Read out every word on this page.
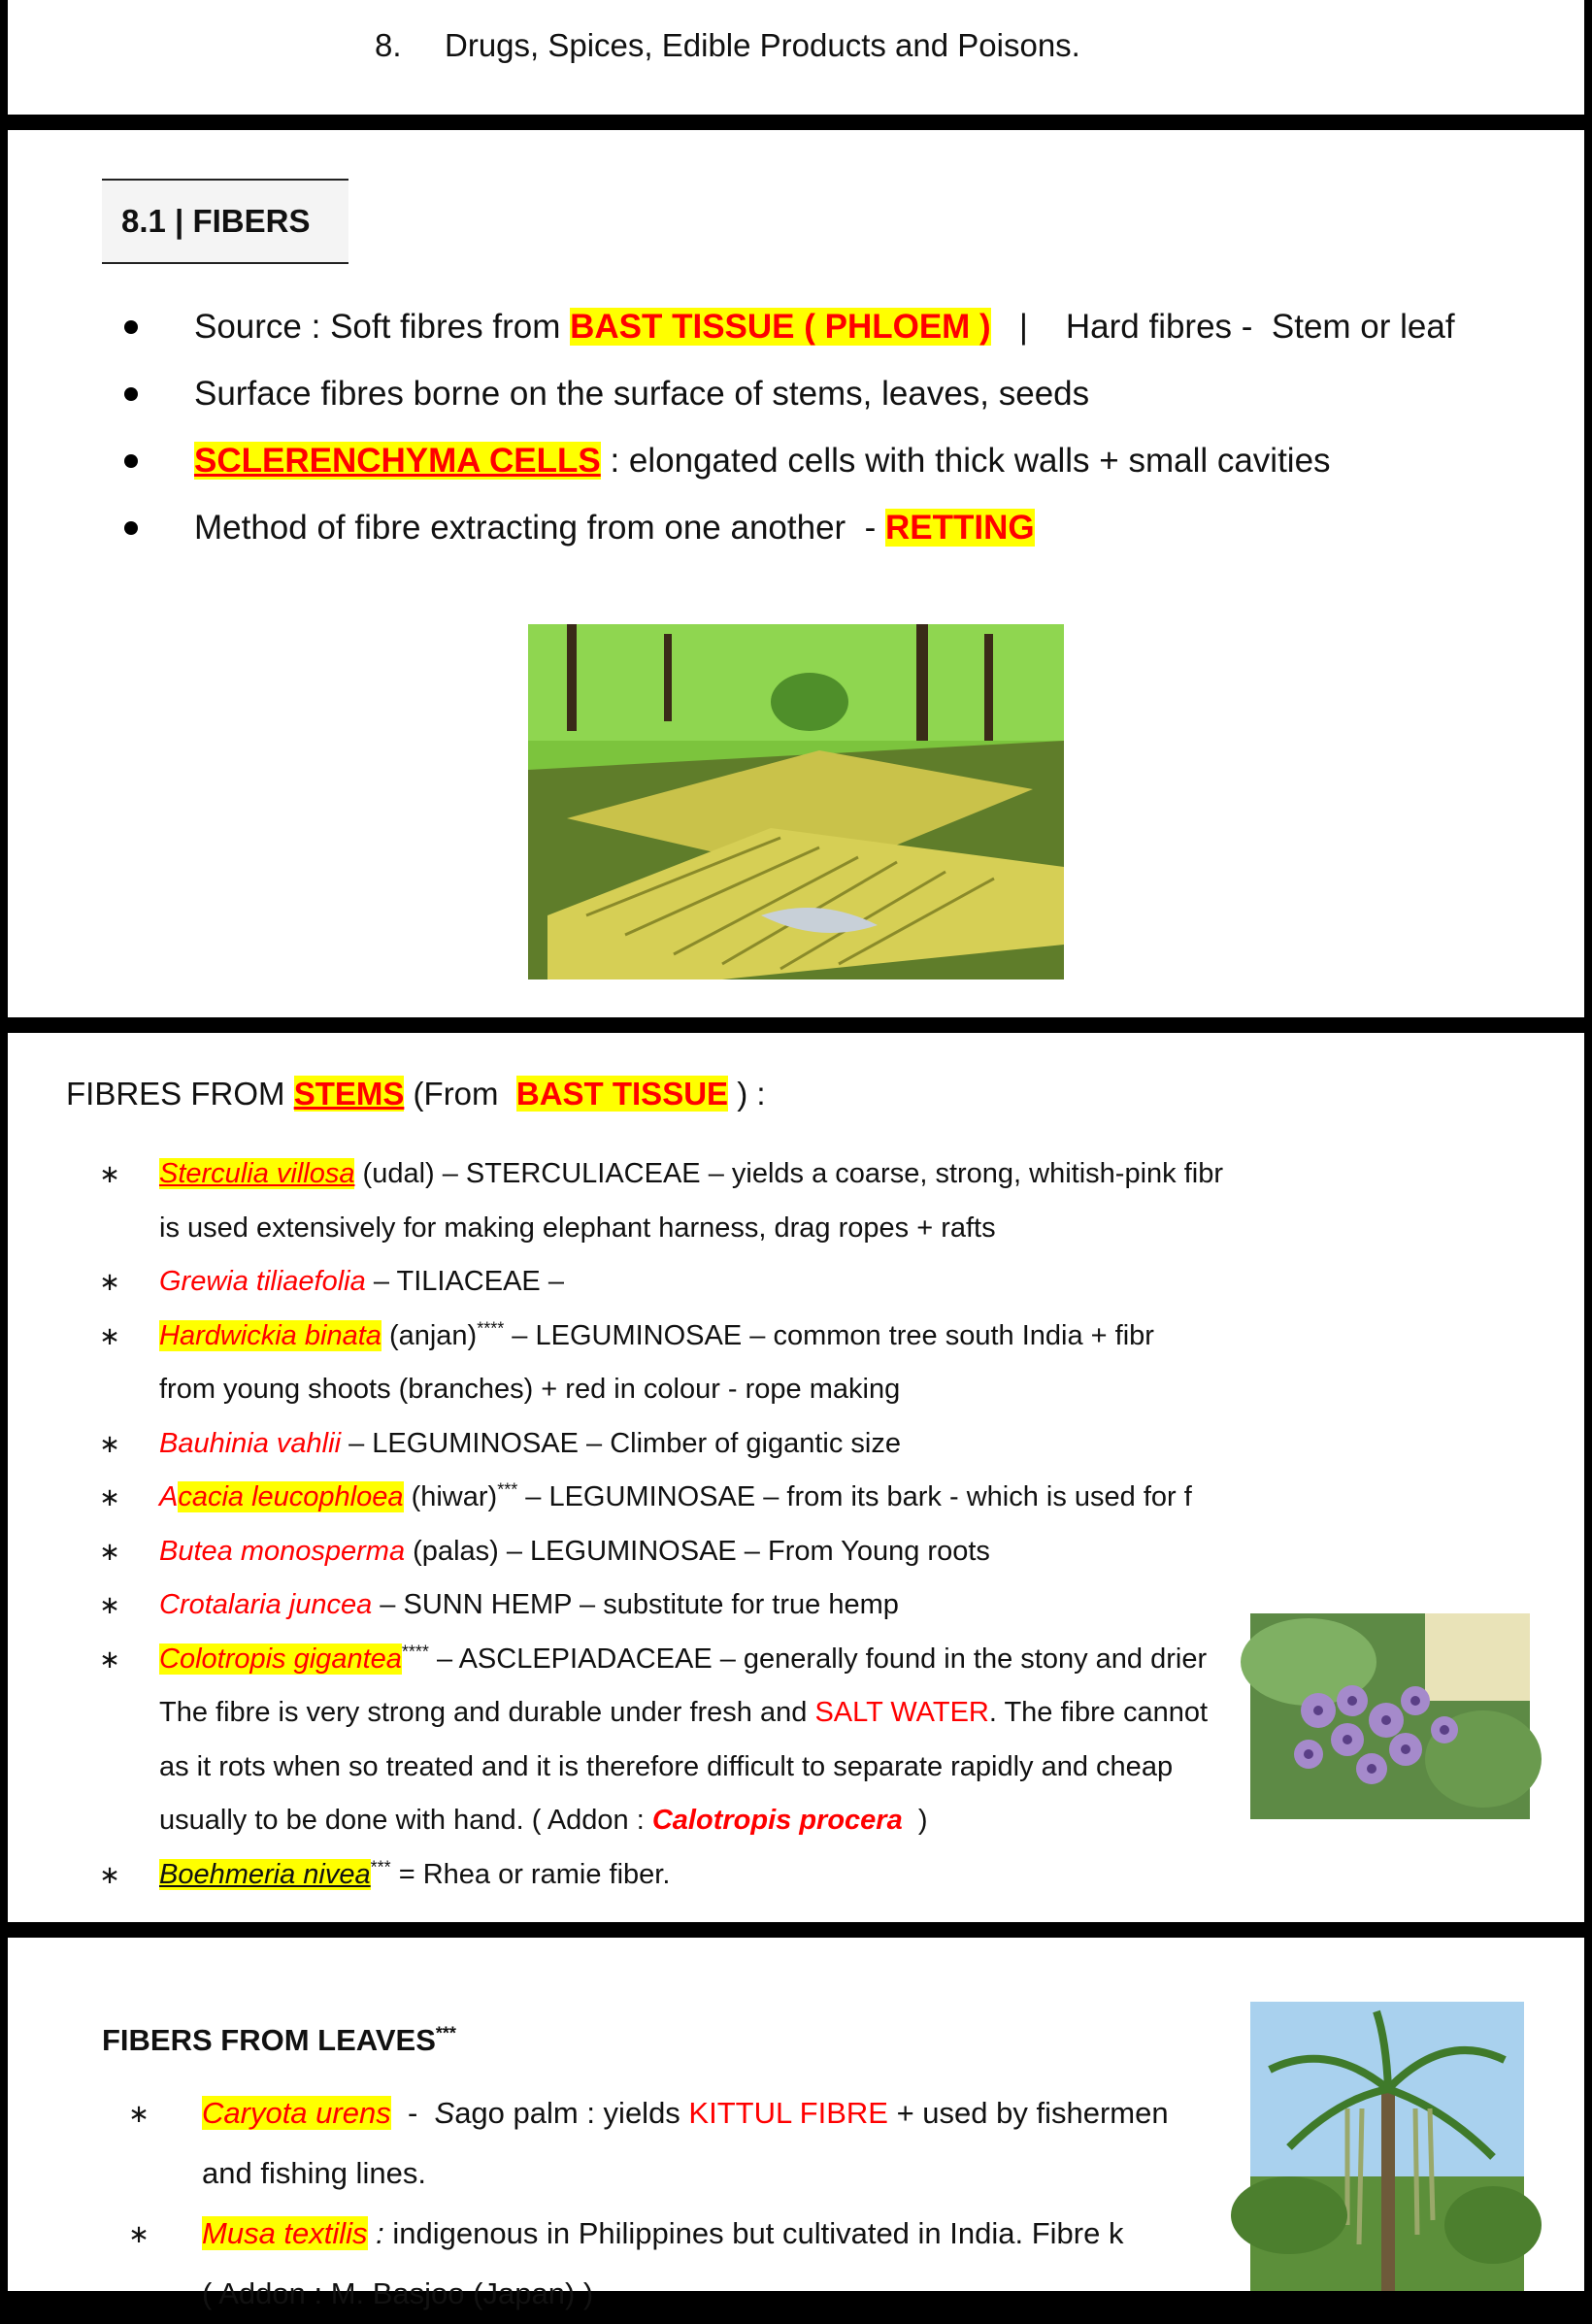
8. Drugs, Spices, Edible Products and Poisons.
8.1 | FIBERS
Source : Soft fibres from BAST TISSUE ( PHLOEM )   |    Hard fibres -  Stem or leaf
Surface fibres borne on the surface of stems, leaves, seeds
SCLERENCHYMA CELLS : elongated cells with thick walls + small cavities
Method of fibre extracting from one another  - RETTING
FIBRES FROM STEMS (From  BAST TISSUE ) :
∗ Sterculia villosa (udal) – STERCULIACEAE – yields a coarse, strong, whitish-pink fibr
is used extensively for making elephant harness, drag ropes + rafts
∗ Grewia tiliaefolia – TILIACEAE –
∗ Hardwickia binata (anjan)**** – LEGUMINOSAE – common tree south India + fibr
from young shoots (branches) + red in colour - rope making
∗ Bauhinia vahlii – LEGUMINOSAE – Climber of gigantic size
∗ Acacia leucophloea (hiwar)*** – LEGUMINOSAE – from its bark - which is used for f
∗ Butea monosperma (palas) – LEGUMINOSAE – From Young roots
∗ Crotalaria juncea – SUNN HEMP – substitute for true hemp
∗ Colotropis gigantea**** – ASCLEPIADACEAE – generally found in the stony and drier
The fibre is very strong and durable under fresh and SALT WATER. The fibre cannot
as it rots when so treated and it is therefore difficult to separate rapidly and cheap
usually to be done with hand. ( Addon : Calotropis procera  )
∗ Boehmeria nivea*** = Rhea or ramie fiber.
FIBERS FROM LEAVES***
∗ Caryota urens  -  Sago palm : yields KITTUL FIBRE + used by fishermen
and fishing lines.
∗ Musa textilis : indigenous in Philippines but cultivated in India. Fibre k
( Addon : M. Basjoo (Japan) )
